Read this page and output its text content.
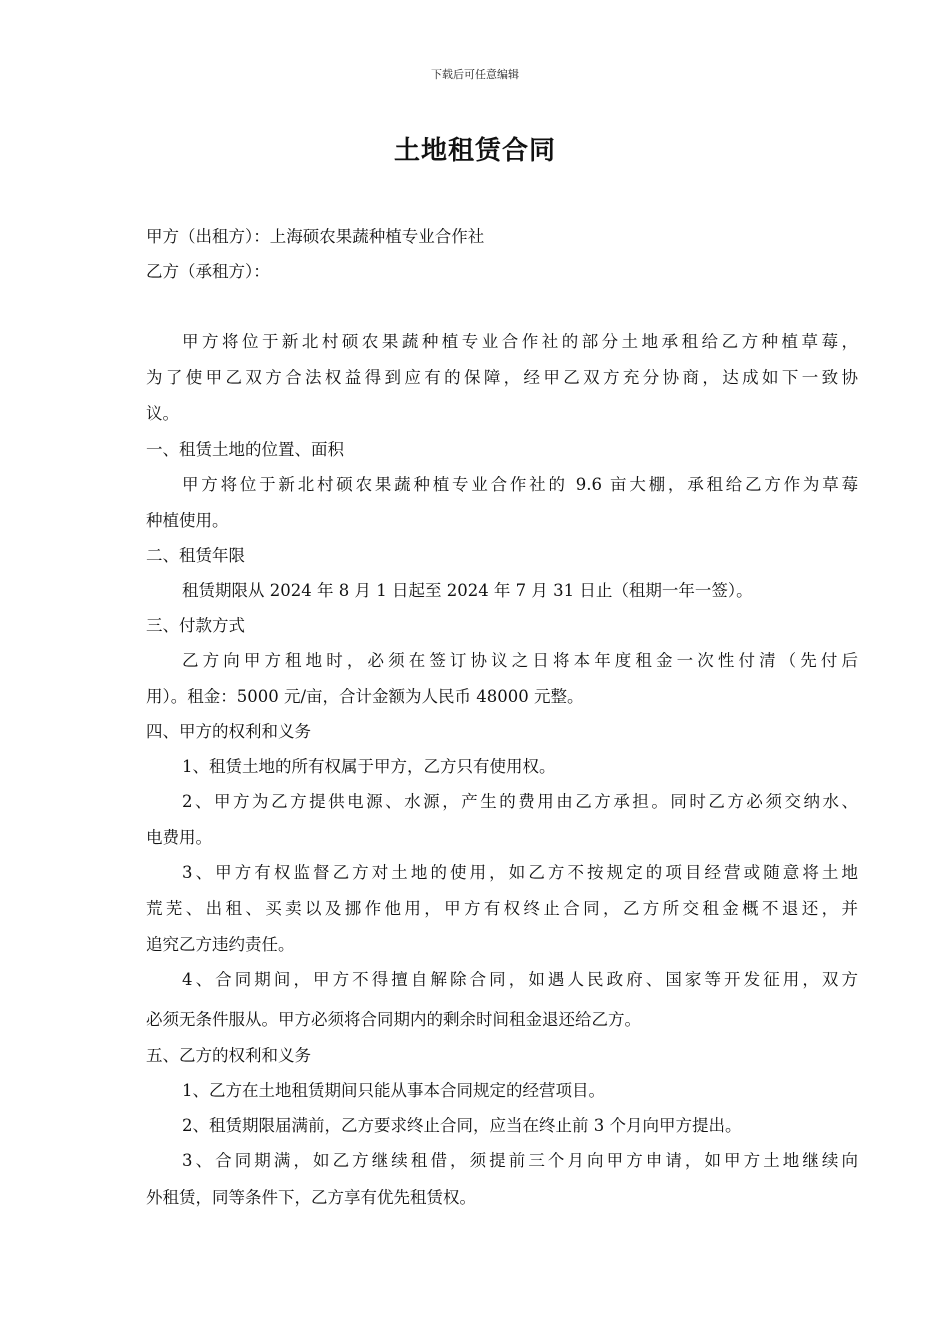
下载后可任意编辑
土地租赁合同
甲方（出租方）：上海硕农果蔬种植专业合作社
乙方（承租方）：
甲方将位于新北村硕农果蔬种植专业合作社的部分土地承租给乙方种植草莓，
为了使甲乙双方合法权益得到应有的保障，经甲乙双方充分协商，达成如下一致协
议。
一、租赁土地的位置、面积
甲方将位于新北村硕农果蔬种植专业合作社的 9.6 亩大棚，承租给乙方作为草莓
种植使用。
二、租赁年限
租赁期限从 2024 年 8 月 1 日起至 2024 年 7 月 31 日止（租期一年一签）。
三、付款方式
乙方向甲方租地时，必须在签订协议之日将本年度租金一次性付清（先付后
用）。租金：5000 元/亩，合计金额为人民币 48000 元整。
四、甲方的权利和义务
1、租赁土地的所有权属于甲方，乙方只有使用权。
2、甲方为乙方提供电源、水源，产生的费用由乙方承担。同时乙方必须交纳水、
电费用。
3、甲方有权监督乙方对土地的使用，如乙方不按规定的项目经营或随意将土地
荒芜、出租、买卖以及挪作他用，甲方有权终止合同，乙方所交租金概不退还，并
追究乙方违约责任。
4、合同期间，甲方不得擅自解除合同，如遇人民政府、国家等开发征用，双方
必须无条件服从。甲方必须将合同期内的剩余时间租金退还给乙方。
五、乙方的权利和义务
1、乙方在土地租赁期间只能从事本合同规定的经营项目。
2、租赁期限届满前，乙方要求终止合同，应当在终止前 3 个月向甲方提出。
3、合同期满，如乙方继续租借，须提前三个月向甲方申请，如甲方土地继续向
外租赁，同等条件下，乙方享有优先租赁权。
